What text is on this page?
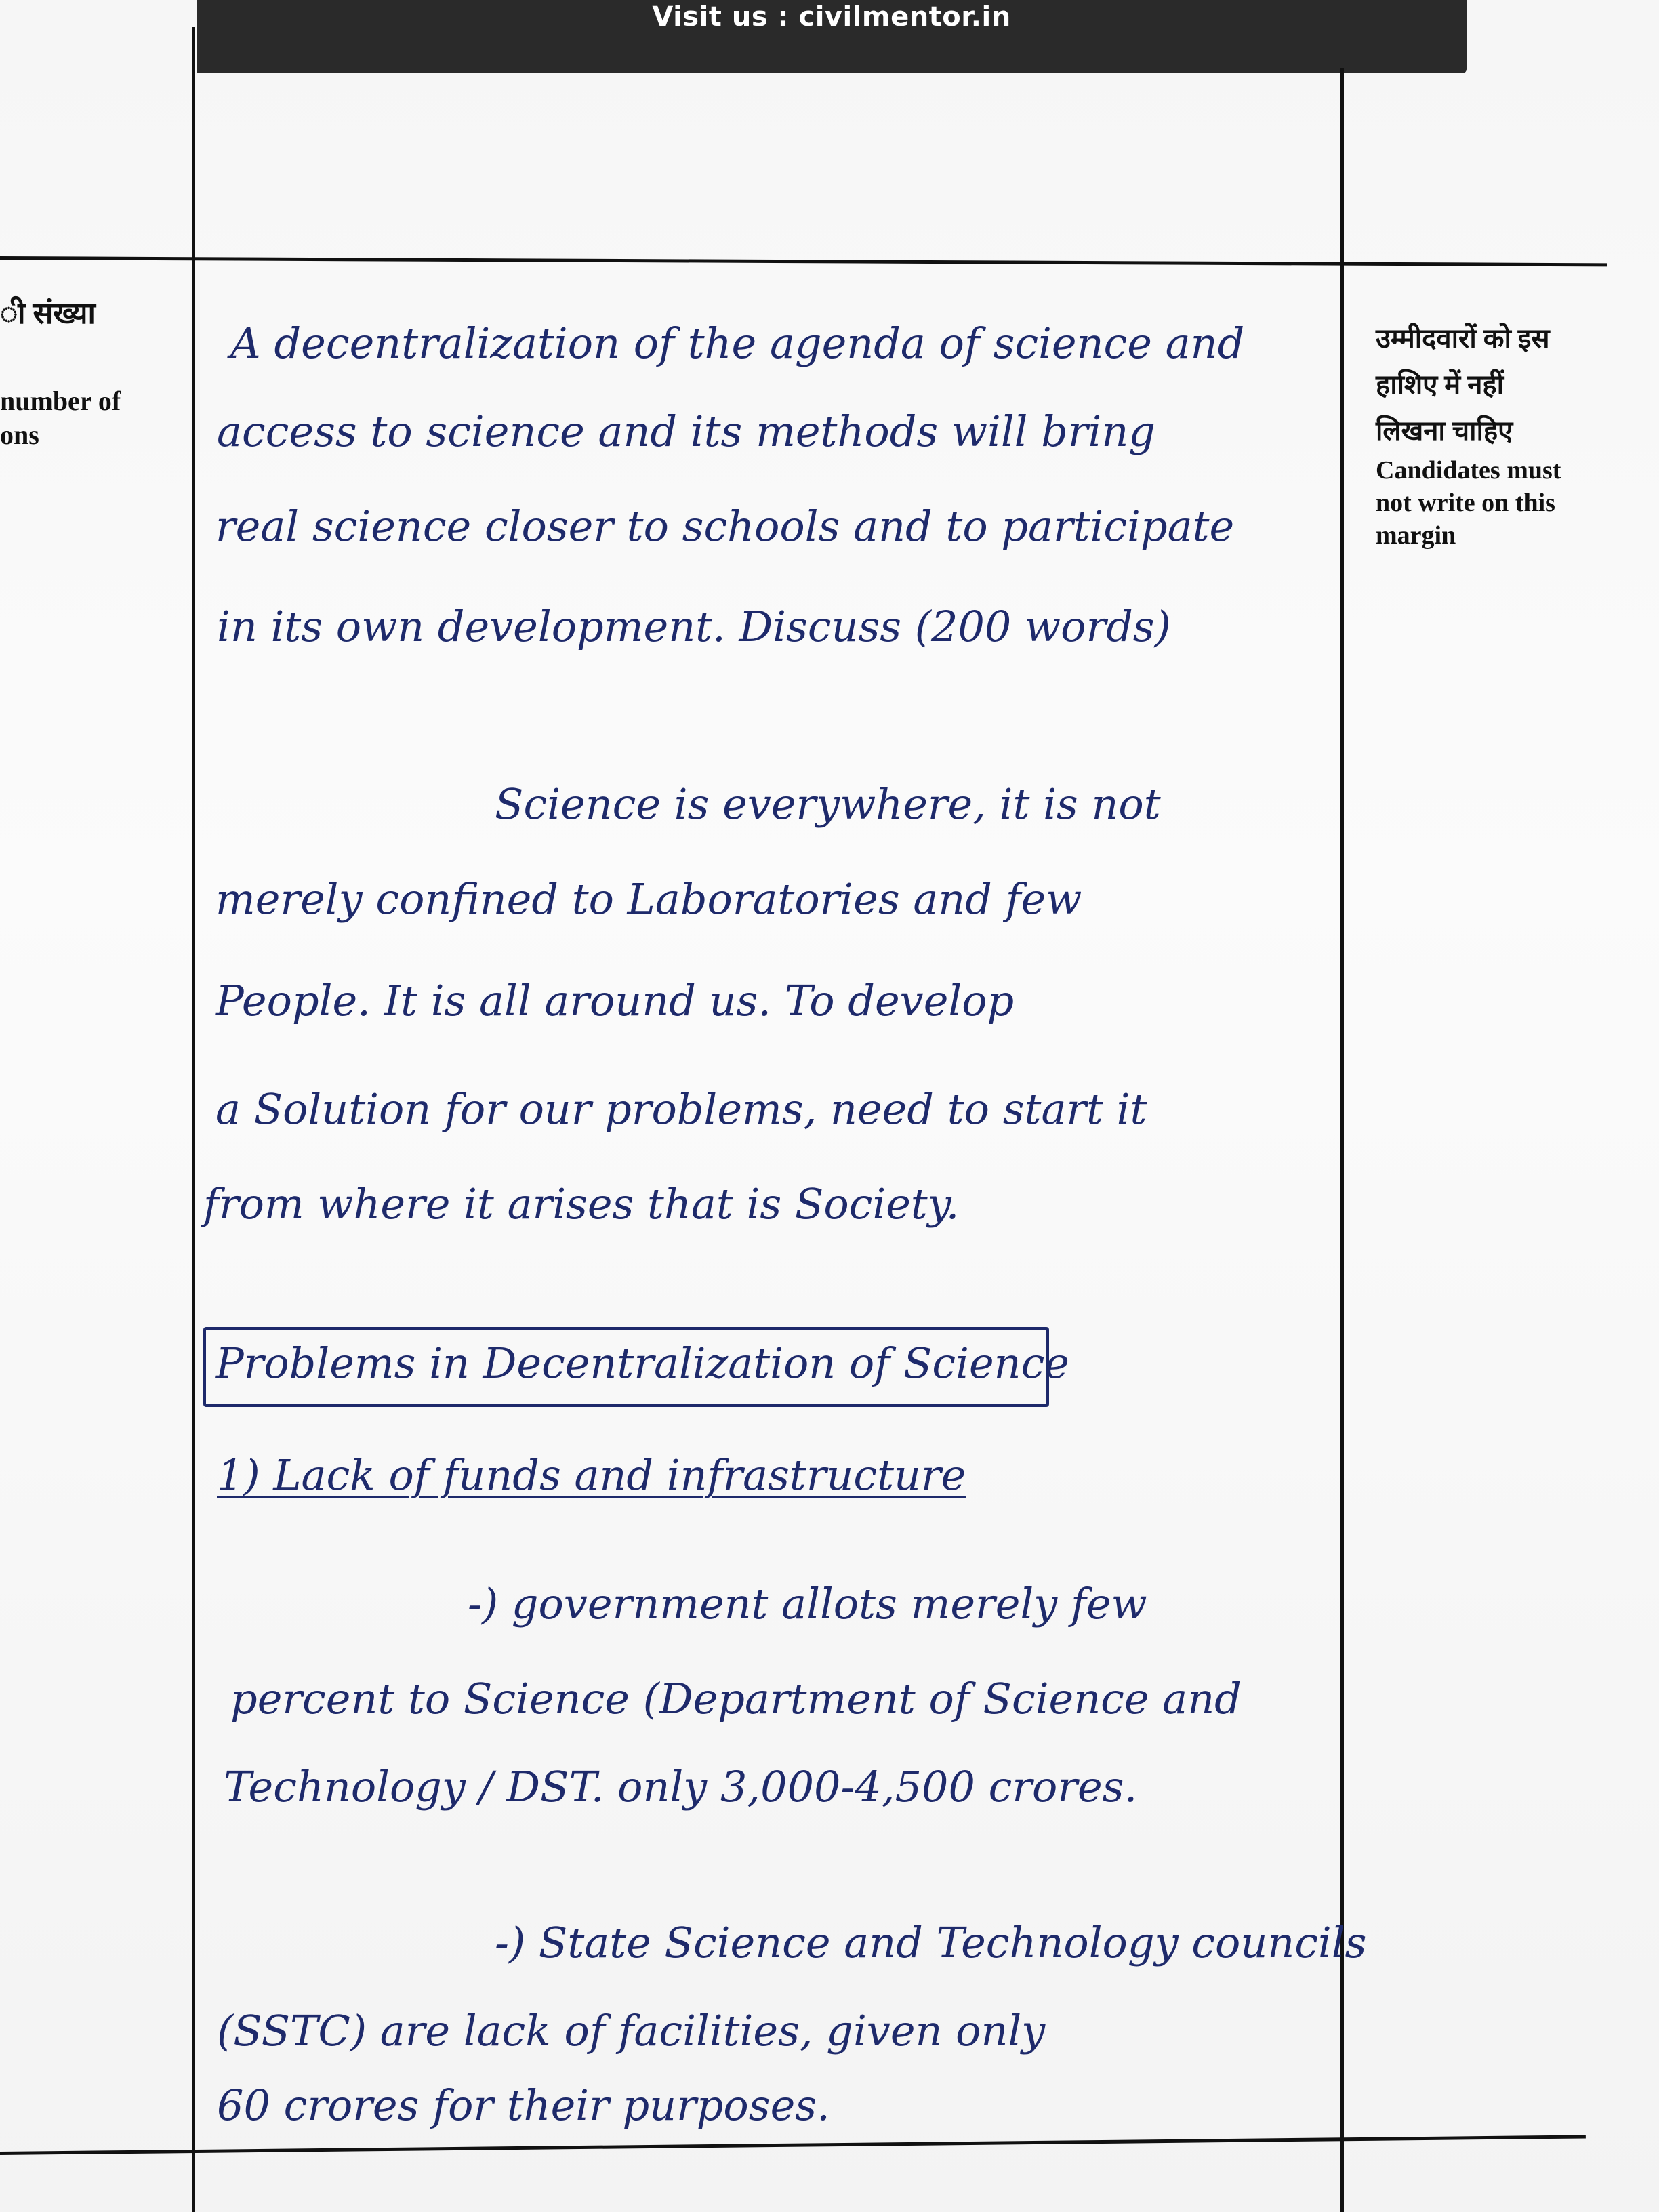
Visit us : civilmentor.in
ी संख्या
number of
ons
उम्मीदवारों को इस
हाशिए में नहीं
लिखना चाहिए
Candidates must
not write on this
margin
A decentralization of the agenda of science and
access to science and its methods will bring
real science closer to schools and to participate
in its own development. Discuss (200 words)
Science is everywhere, it is not
merely confined to Laboratories and few
People. It is all around us. To develop
a Solution for our problems, need to start it
from where it arises that is Society.
Problems in Decentralization of Science
1) Lack of funds and infrastructure
-) government allots merely few
percent to Science (Department of Science and
Technology / DST. only 3,000-4,500 crores.
-) State Science and Technology councils
(SSTC) are lack of facilities, given only
60 crores for their purposes.
